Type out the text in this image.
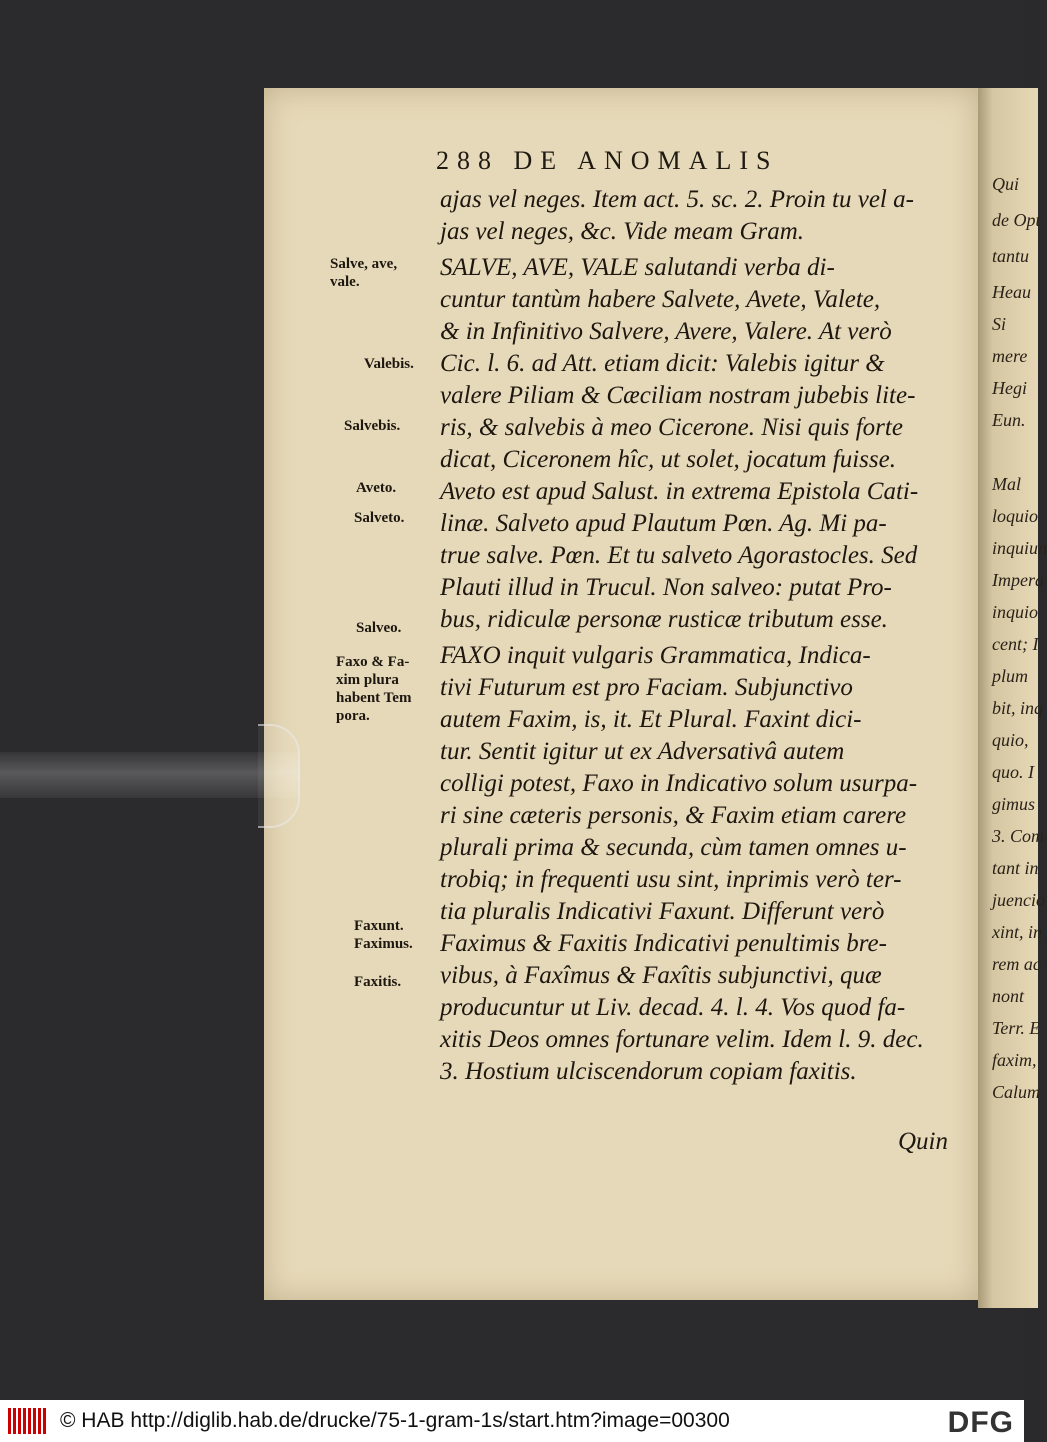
Qui
de Opt
tantu
Heau
Si
mere
Hegi
Eun.
Mal
loquio
inquiun
Impera
inquio
cent; I
plum
bit, inq
quio,
quo. I
gimus
3. Com
tant in
juencio
xint, in
rem ac
nont
Terr. E
faxim,
Calum
288 DE ANOMALIS
Salve, ave,
vale.
Valebis.
Salvebis.
Aveto.
Salveto.
Salveo.
Faxo & Fa-
xim plura
habent Tem
pora.
Faxunt.
Faximus.
Faxitis.
ajas vel neges. Item act. 5. sc. 2. Proin tu vel a-
jas vel neges, &c. Vide meam Gram.
SALVE, AVE, VALE salutandi verba di-
cuntur tantùm habere Salvete, Avete, Valete,
& in Infinitivo Salvere, Avere, Valere. At verò
Cic. l. 6. ad Att. etiam dicit: Valebis igitur &
valere Piliam & Cæciliam nostram jubebis lite-
ris, & salvebis à meo Cicerone. Nisi quis forte
dicat, Ciceronem hîc, ut solet, jocatum fuisse.
Aveto est apud Salust. in extrema Epistola Cati-
linæ. Salveto apud Plautum Pœn. Ag. Mi pa-
true salve. Pœn. Et tu salveto Agorastocles. Sed
Plauti illud in Trucul. Non salveo: putat Pro-
bus, ridiculæ personæ rusticæ tributum esse.
FAXO inquit vulgaris Grammatica, Indica-
tivi Futurum est pro Faciam. Subjunctivo
autem Faxim, is, it. Et Plural. Faxint dici-
tur. Sentit igitur ut ex Adversativâ autem
colligi potest, Faxo in Indicativo solum usurpa-
ri sine cæteris personis, & Faxim etiam carere
plurali prima & secunda, cùm tamen omnes u-
trobiq; in frequenti usu sint, inprimis verò ter-
tia pluralis Indicativi Faxunt. Differunt verò
Faximus & Faxitis Indicativi penultimis bre-
vibus, à Faxîmus & Faxîtis subjunctivi, quæ
producuntur ut Liv. decad. 4. l. 4. Vos quod fa-
xitis Deos omnes fortunare velim. Idem l. 9. dec.
3. Hostium ulciscendorum copiam faxitis.
Quin
© HAB http://diglib.hab.de/drucke/75-1-gram-1s/start.htm?image=00300	DFG
